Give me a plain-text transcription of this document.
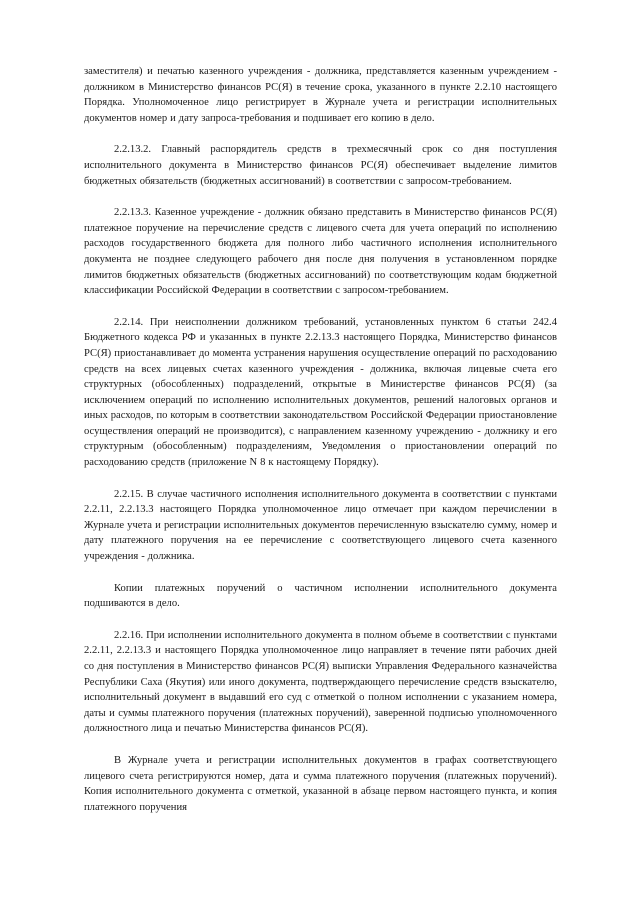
заместителя) и печатью казенного учреждения - должника, представляется казенным учреждением - должником в Министерство финансов РС(Я) в течение срока, указанного в пункте 2.2.10 настоящего Порядка. Уполномоченное лицо регистрирует в Журнале учета и регистрации исполнительных документов номер и дату запроса-требования и подшивает его копию в дело.

2.2.13.2. Главный распорядитель средств в трехмесячный срок со дня поступления исполнительного документа в Министерство финансов РС(Я) обеспечивает выделение лимитов бюджетных обязательств (бюджетных ассигнований) в соответствии с запросом-требованием.

2.2.13.3. Казенное учреждение - должник обязано представить в Министерство финансов РС(Я) платежное поручение на перечисление средств с лицевого счета для учета операций по исполнению расходов государственного бюджета для полного либо частичного исполнения исполнительного документа не позднее следующего рабочего дня после дня получения в установленном порядке лимитов бюджетных обязательств (бюджетных ассигнований) по соответствующим кодам бюджетной классификации Российской Федерации в соответствии с запросом-требованием.

2.2.14. При неисполнении должником требований, установленных пунктом 6 статьи 242.4 Бюджетного кодекса РФ и указанных в пункте 2.2.13.3 настоящего Порядка, Министерство финансов РС(Я) приостанавливает до момента устранения нарушения осуществление операций по расходованию средств на всех лицевых счетах казенного учреждения - должника, включая лицевые счета его структурных (обособленных) подразделений, открытые в Министерстве финансов РС(Я) (за исключением операций по исполнению исполнительных документов, решений налоговых органов и иных расходов, по которым в соответствии законодательством Российской Федерации приостановление осуществления операций не производится), с направлением казенному учреждению - должнику и его структурным (обособленным) подразделениям, Уведомления о приостановлении операций по расходованию средств (приложение N 8 к настоящему Порядку).

2.2.15. В случае частичного исполнения исполнительного документа в соответствии с пунктами 2.2.11, 2.2.13.3 настоящего Порядка уполномоченное лицо отмечает при каждом перечислении в Журнале учета и регистрации исполнительных документов перечисленную взыскателю сумму, номер и дату платежного поручения на ее перечисление с соответствующего лицевого счета казенного учреждения - должника.

Копии платежных поручений о частичном исполнении исполнительного документа подшиваются в дело.

2.2.16. При исполнении исполнительного документа в полном объеме в соответствии с пунктами 2.2.11, 2.2.13.3 и настоящего Порядка уполномоченное лицо направляет в течение пяти рабочих дней со дня поступления в Министерство финансов РС(Я) выписки Управления Федерального казначейства Республики Саха (Якутия) или иного документа, подтверждающего перечисление средств взыскателю, исполнительный документ в выдавший его суд с отметкой о полном исполнении с указанием номера, даты и суммы платежного поручения (платежных поручений), заверенной подписью уполномоченного должностного лица и печатью Министерства финансов РС(Я).

В Журнале учета и регистрации исполнительных документов в графах соответствующего лицевого счета регистрируются номер, дата и сумма платежного поручения (платежных поручений). Копия исполнительного документа с отметкой, указанной в абзаце первом настоящего пункта, и копия платежного поручения
